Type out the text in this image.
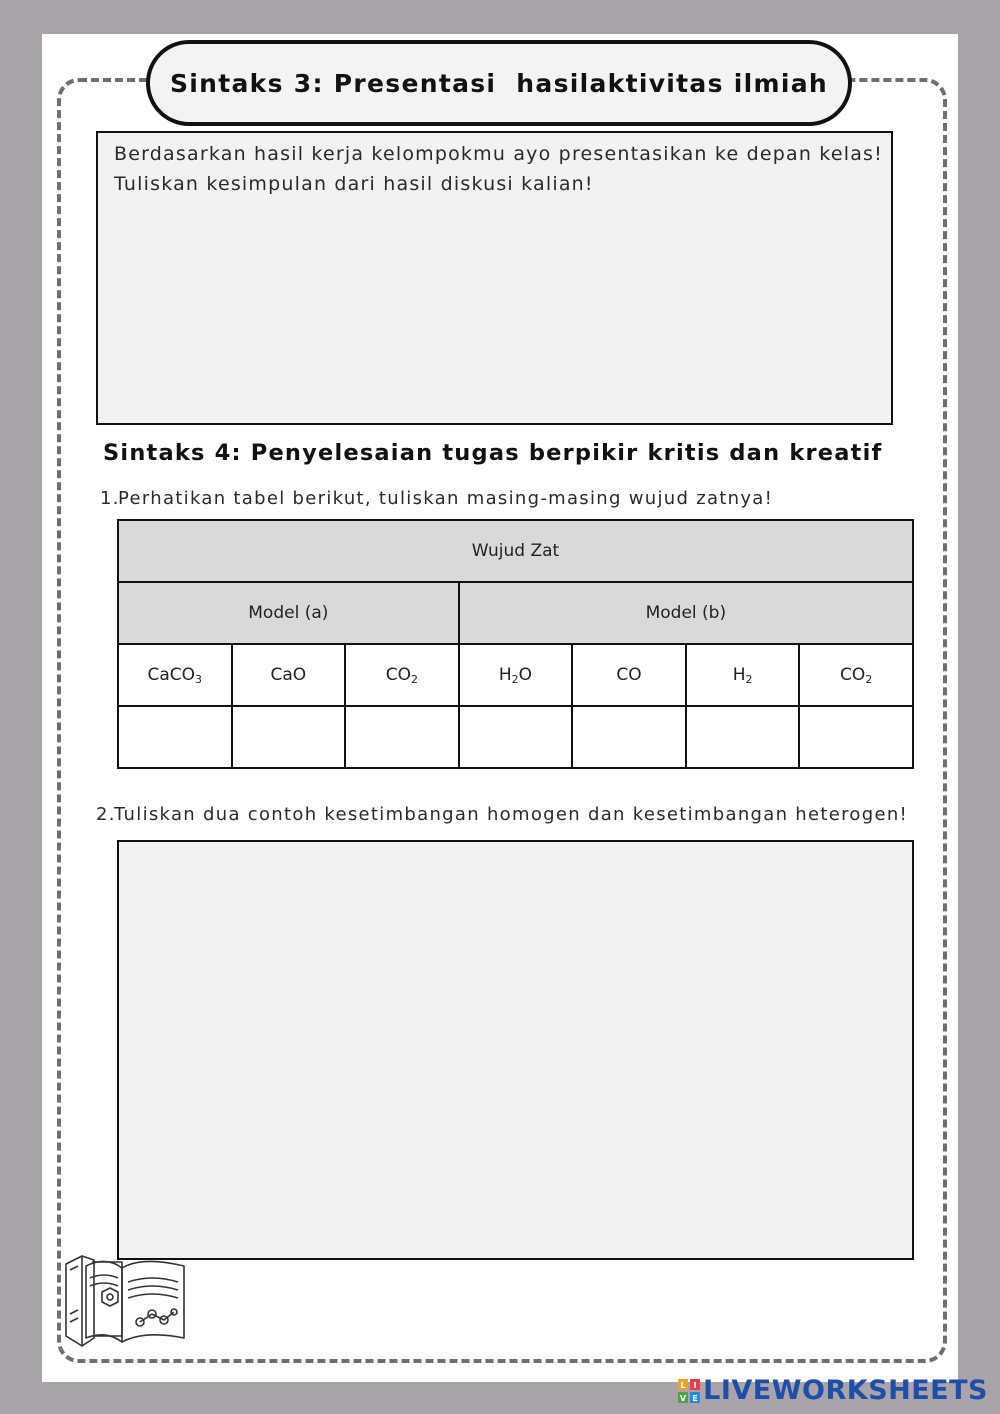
Sintaks 3: Presentasi  hasilaktivitas ilmiah

Berdasarkan hasil kerja kelompokmu ayo presentasikan ke depan kelas!

Tuliskan kesimpulan dari hasil diskusi kalian!

Sintaks 4: Penyelesaian tugas berpikir kritis dan kreatif
1.Perhatikan tabel berikut, tuliskan masing-masing wujud zatnya!
Wujud Zat						
Model (a)			Model (b)			
CaCO$_3$	CaO	$CO_2$	$H_2O$	CO	$H_2$	$CO_2$

2.Tuliskan dua contoh kesetimbangan homogen dan kesetimbangan heterogen!
L I
V E LIVEWORKSHEETS
